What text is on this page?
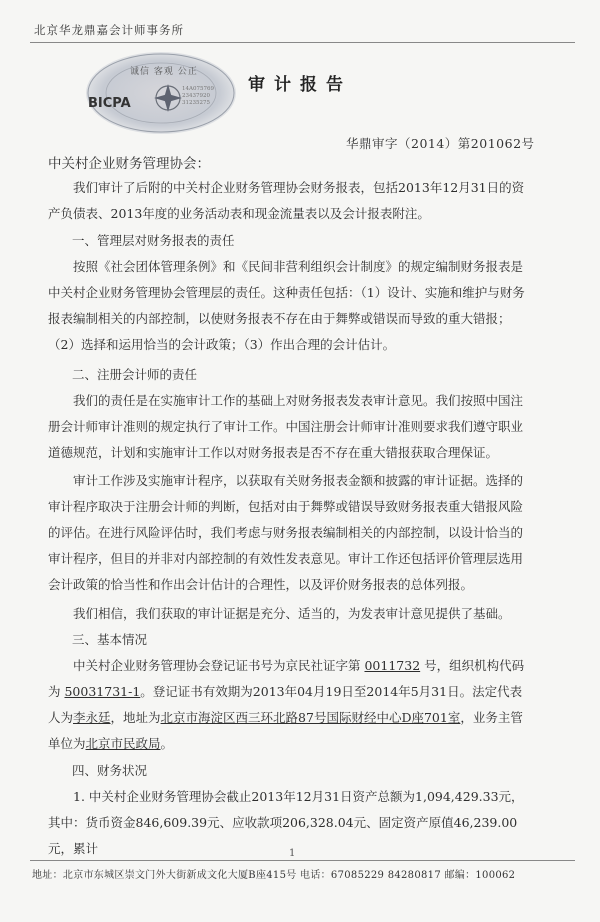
北京华龙鼎嘉会计师事务所
诚信 客观 公正
BICPA
14A075769 23437920 31235275
审计报告
华鼎审字（2014）第201062号
中关村企业财务管理协会：
我们审计了后附的中关村企业财务管理协会财务报表，包括2013年12月31日的资产负债表、2013年度的业务活动表和现金流量表以及会计报表附注。
一、管理层对财务报表的责任
按照《社会团体管理条例》和《民间非营利组织会计制度》的规定编制财务报表是中关村企业财务管理协会管理层的责任。这种责任包括：（1）设计、实施和维护与财务报表编制相关的内部控制，以使财务报表不存在由于舞弊或错误而导致的重大错报；（2）选择和运用恰当的会计政策；（3）作出合理的会计估计。
二、注册会计师的责任
我们的责任是在实施审计工作的基础上对财务报表发表审计意见。我们按照中国注册会计师审计准则的规定执行了审计工作。中国注册会计师审计准则要求我们遵守职业道德规范，计划和实施审计工作以对财务报表是否不存在重大错报获取合理保证。
审计工作涉及实施审计程序，以获取有关财务报表金额和披露的审计证据。选择的审计程序取决于注册会计师的判断，包括对由于舞弊或错误导致财务报表重大错报风险的评估。在进行风险评估时，我们考虑与财务报表编制相关的内部控制，以设计恰当的审计程序，但目的并非对内部控制的有效性发表意见。审计工作还包括评价管理层选用会计政策的恰当性和作出会计估计的合理性，以及评价财务报表的总体列报。
我们相信，我们获取的审计证据是充分、适当的，为发表审计意见提供了基础。
三、基本情况
中关村企业财务管理协会登记证书号为京民社证字第 0011732 号，组织机构代码为 50031731-1。登记证书有效期为2013年04月19日至2014年5月31日。法定代表人为李永廷，地址为北京市海淀区西三环北路87号国际财经中心D座701室，业务主管单位为北京市民政局。
四、财务状况
1. 中关村企业财务管理协会截止2013年12月31日资产总额为1,094,429.33元，其中：货币资金846,609.39元、应收款项206,328.04元、固定资产原值46,239.00元，累计	1
地址：北京市东城区崇文门外大街新成文化大厦B座415号 电话：67085229 84280817 邮编：100062
